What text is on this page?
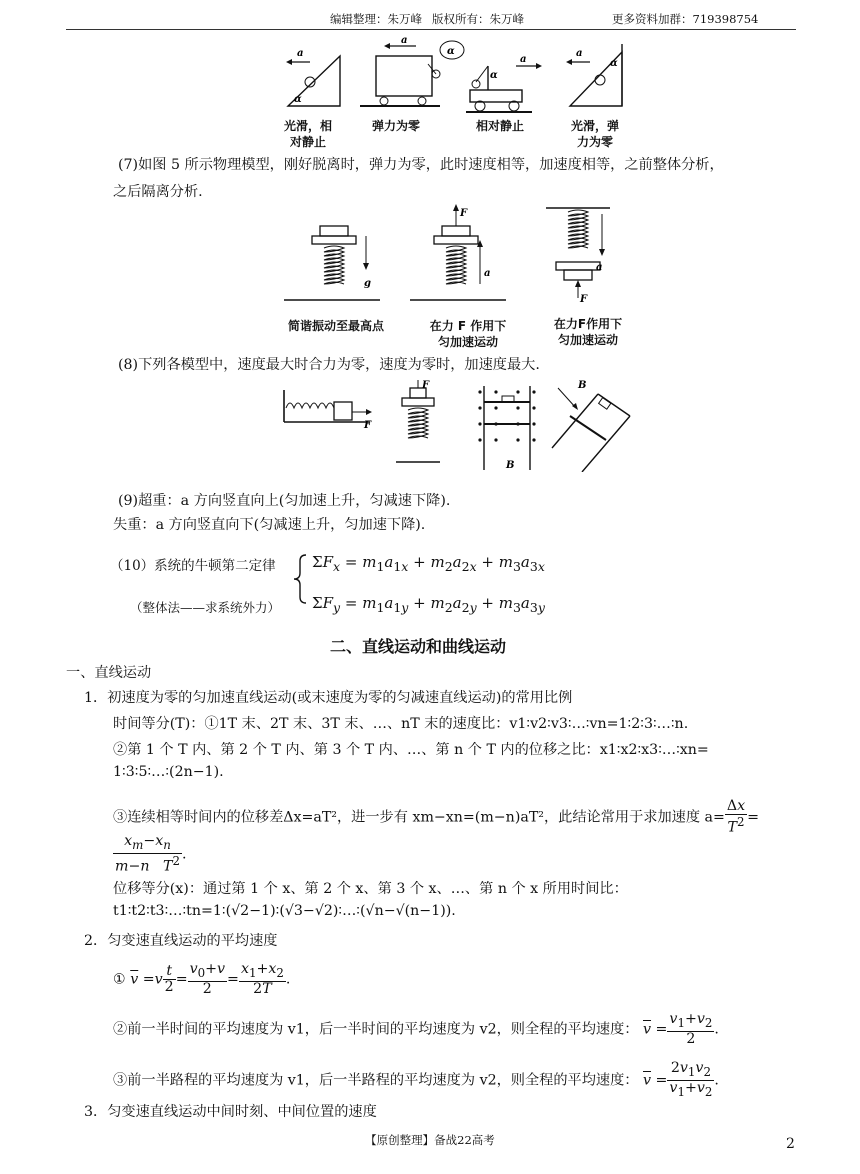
编辑整理：朱万峰 版权所有：朱万峰	更多资料加群：719398754
a
α
α
a
α
a
a
α
光滑，相
对静止
弹力为零	相对静止	光滑，弹
力为零
(7)如图 5 所示物理模型，刚好脱离时，弹力为零，此时速度相等，加速度相等，之前整体分析，
之后隔离分析.
g
F
a
F
a
简谐振动至最高点	在力 F 作用下
匀加速运动
在力F作用下
匀加速运动
(8)下列各模型中，速度最大时合力为零，速度为零时，加速度最大.
F
F
B
B
(9)超重：a 方向竖直向上(匀加速上升，匀减速下降).
失重：a 方向竖直向下(匀减速上升，匀加速下降).
（10）系统的牛顿第二定律
（整体法——求系统外力）
$\Sigma F_x = m_1a_{1x} + m_2a_{2x} + m_3a_{3x}$
$\Sigma F_y = m_1a_{1y} + m_2a_{2y} + m_3a_{3y}$
二、直线运动和曲线运动
一、直线运动
1．初速度为零的匀加速直线运动(或末速度为零的匀减速直线运动)的常用比例
时间等分(T)：①1T 末、2T 末、3T 末、…、nT 末的速度比：v1∶v2∶v3∶…∶vn=1∶2∶3∶…∶n.
②第 1 个 T 内、第 2 个 T 内、第 3 个 T 内、…、第 n 个 T 内的位移之比：x1∶x2∶x3∶…∶xn=
1∶3∶5∶…∶(2n−1).
③连续相等时间内的位移差Δx=aT²，进一步有 xm−xn=(m−n)aT²，此结论常用于求加速度 $a= \frac{\Delta x}{T^2}$ =
$\frac{x_m-x_n}{m-n T^2}$ .
位移等分(x)：通过第 1 个 x、第 2 个 x、第 3 个 x、…、第 n 个 x 所用时间比：
t1∶t2∶t3∶…∶tn=1∶(√2−1)∶(√3−√2)∶…∶(√n−√(n−1)).
2．匀变速直线运动的平均速度
① $\overline{v} =v \frac{t}{2} = \frac{v_0+v}{2} = \frac{x_1+x_2}{2T}$ .
②前一半时间的平均速度为 v1，后一半时间的平均速度为 v2，则全程的平均速度： $\overline{v} = \frac{v_1+v_2}{2}$ .
③前一半路程的平均速度为 v1，后一半路程的平均速度为 v2，则全程的平均速度： $\overline{v} = \frac{2v_1v_2}{v_1+v_2}$ .
3．匀变速直线运动中间时刻、中间位置的速度
【原创整理】备战22高考	2
